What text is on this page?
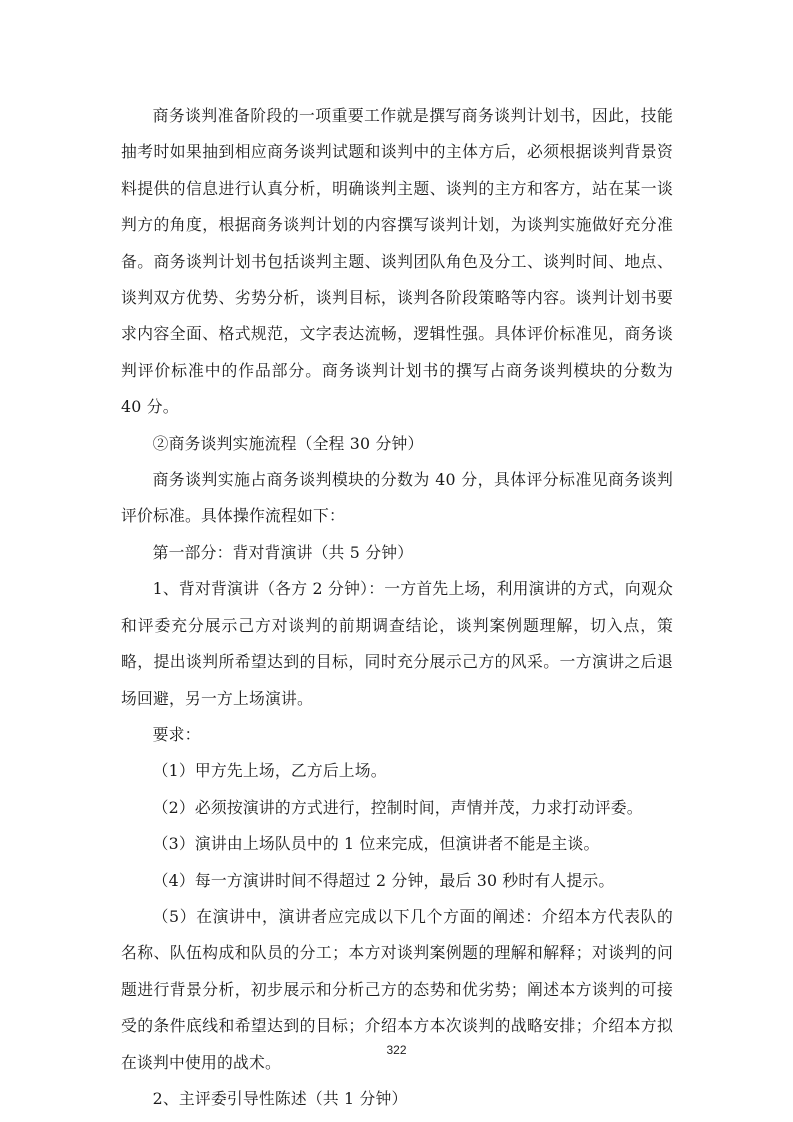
商务谈判准备阶段的一项重要工作就是撰写商务谈判计划书，因此，技能抽考时如果抽到相应商务谈判试题和谈判中的主体方后，必须根据谈判背景资料提供的信息进行认真分析，明确谈判主题、谈判的主方和客方，站在某一谈判方的角度，根据商务谈判计划的内容撰写谈判计划，为谈判实施做好充分准备。商务谈判计划书包括谈判主题、谈判团队角色及分工、谈判时间、地点、谈判双方优势、劣势分析，谈判目标，谈判各阶段策略等内容。谈判计划书要求内容全面、格式规范，文字表达流畅，逻辑性强。具体评价标准见，商务谈判评价标准中的作品部分。商务谈判计划书的撰写占商务谈判模块的分数为 40 分。

②商务谈判实施流程（全程 30 分钟）

商务谈判实施占商务谈判模块的分数为 40 分，具体评分标准见商务谈判评价标准。具体操作流程如下：

第一部分：背对背演讲（共 5 分钟）

1、背对背演讲（各方 2 分钟）：一方首先上场，利用演讲的方式，向观众和评委充分展示己方对谈判的前期调查结论，谈判案例题理解，切入点，策略，提出谈判所希望达到的目标，同时充分展示己方的风采。一方演讲之后退场回避，另一方上场演讲。

要求：

（1）甲方先上场，乙方后上场。

（2）必须按演讲的方式进行，控制时间，声情并茂，力求打动评委。

（3）演讲由上场队员中的 1 位来完成，但演讲者不能是主谈。

（4）每一方演讲时间不得超过 2 分钟，最后 30 秒时有人提示。

（5）在演讲中，演讲者应完成以下几个方面的阐述：介绍本方代表队的名称、队伍构成和队员的分工；本方对谈判案例题的理解和解释；对谈判的问题进行背景分析，初步展示和分析己方的态势和优劣势；阐述本方谈判的可接受的条件底线和希望达到的目标；介绍本方本次谈判的战略安排；介绍本方拟在谈判中使用的战术。

2、主评委引导性陈述（共 1 分钟）

322
